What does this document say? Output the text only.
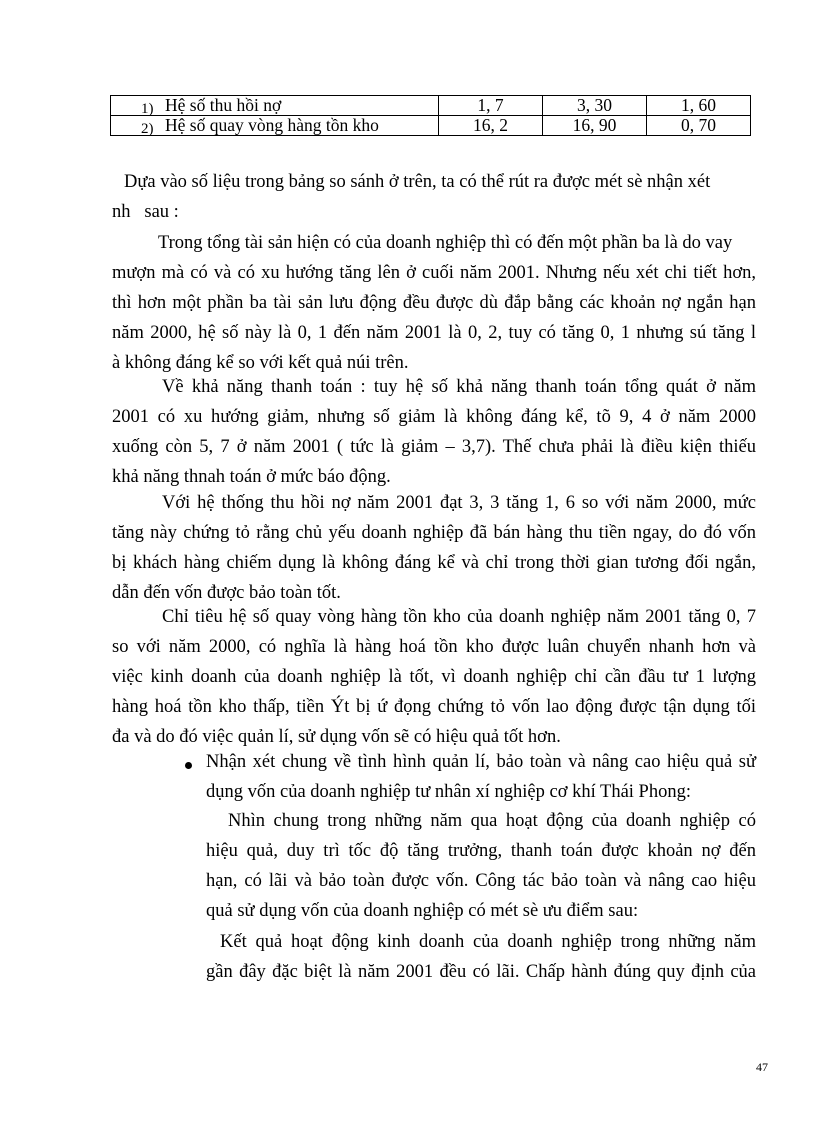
1) Hệ số thu hồi nợ	1, 7	3, 30	1, 60

2) Hệ số quay vòng hàng tồn kho	16, 2	16, 90	0, 70
Dựa vào số liệu trong bảng so sánh ở trên, ta có thể rút ra được mét sè nhận xét
nh   sau :
Trong tổng tài sản hiện có của doanh nghiệp thì có đến một phần ba là do vay
mượn mà có và có xu hướng tăng lên ở cuối năm 2001. Nhưng nếu xét chi tiết hơn,
thì hơn một phần ba tài sản lưu động đều được dù đắp bằng các khoản nợ ngắn hạn
năm 2000, hệ số này là 0, 1 đến năm 2001 là 0, 2, tuy có tăng 0, 1 nhưng sú tăng l
à không đáng kể so với kết quả núi trên.
Về khả năng thanh toán : tuy hệ số khả năng thanh toán tổng quát ở năm
2001 có xu hướng giảm, nhưng số giảm là không đáng kể, tõ 9, 4 ở năm 2000
xuống còn 5, 7 ở năm 2001 ( tức là giảm – 3,7). Thế chưa phải là điều kiện thiếu
khả năng thnah toán ở mức báo động.
Với hệ thống thu hồi nợ năm 2001 đạt 3, 3 tăng 1, 6 so với năm 2000, mức
tăng này chứng tỏ rằng chủ yếu doanh nghiệp đã bán hàng thu tiền ngay, do đó vốn
bị khách hàng chiếm dụng là không đáng kể và chỉ trong thời gian tương đối ngắn,
dẫn đến vốn được bảo toàn tốt.
Chỉ tiêu hệ số quay vòng hàng tồn kho của doanh nghiệp năm 2001 tăng 0, 7
so với năm 2000, có nghĩa là hàng hoá tồn kho được luân chuyển nhanh hơn và
việc kinh doanh của doanh nghiệp là tốt, vì doanh nghiệp chỉ cần đầu tư 1 lượng
hàng hoá tồn kho thấp, tiền Ýt bị ứ đọng chứng tỏ vốn lao động được tận dụng tối
đa và do đó việc quản lí, sử dụng vốn sẽ có hiệu quả tốt hơn.
Nhận xét chung về tình hình quản lí, bảo toàn và nâng cao hiệu quả sử
dụng vốn của doanh nghiệp tư nhân xí nghiệp cơ khí Thái Phong:
Nhìn chung trong những năm qua hoạt động của doanh nghiệp có
hiệu quả, duy trì tốc độ tăng trưởng, thanh toán được khoản nợ đến
hạn, có lãi và bảo toàn được vốn. Công tác bảo toàn và nâng cao hiệu
quả sử dụng vốn của doanh nghiệp có mét sè ưu điểm sau:
Kết quả hoạt động kinh doanh của doanh nghiệp trong những năm
gần đây đặc biệt là năm 2001 đều có lãi. Chấp hành đúng quy định của
47
